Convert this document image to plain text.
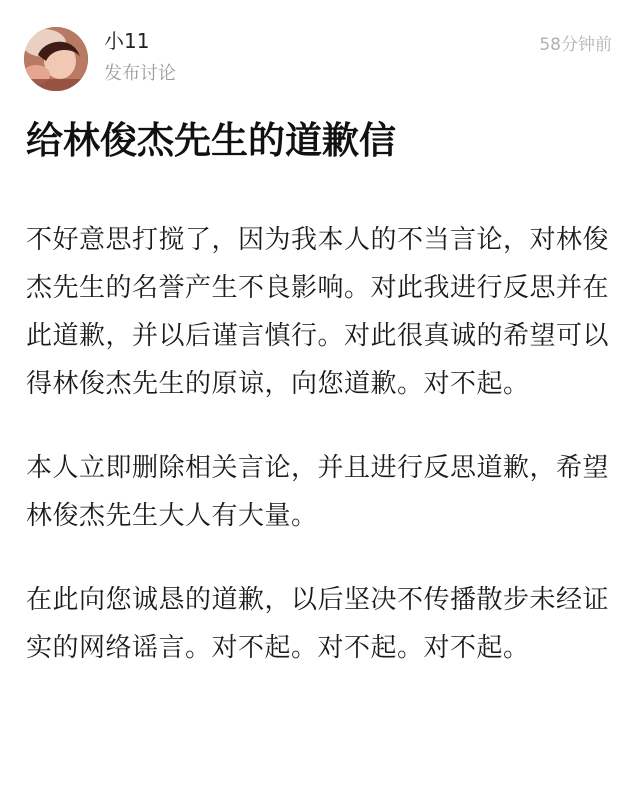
小11
发布讨论
58分钟前
给林俊杰先生的道歉信

不好意思打搅了，因为我本人的不当言论，对林俊杰先生的名誉产生不良影响。对此我进行反思并在此道歉，并以后谨言慎行。对此很真诚的希望可以得林俊杰先生的原谅，向您道歉。对不起。

本人立即删除相关言论，并且进行反思道歉，希望林俊杰先生大人有大量。

在此向您诚恳的道歉，以后坚决不传播散步未经证实的网络谣言。对不起。对不起。对不起。
